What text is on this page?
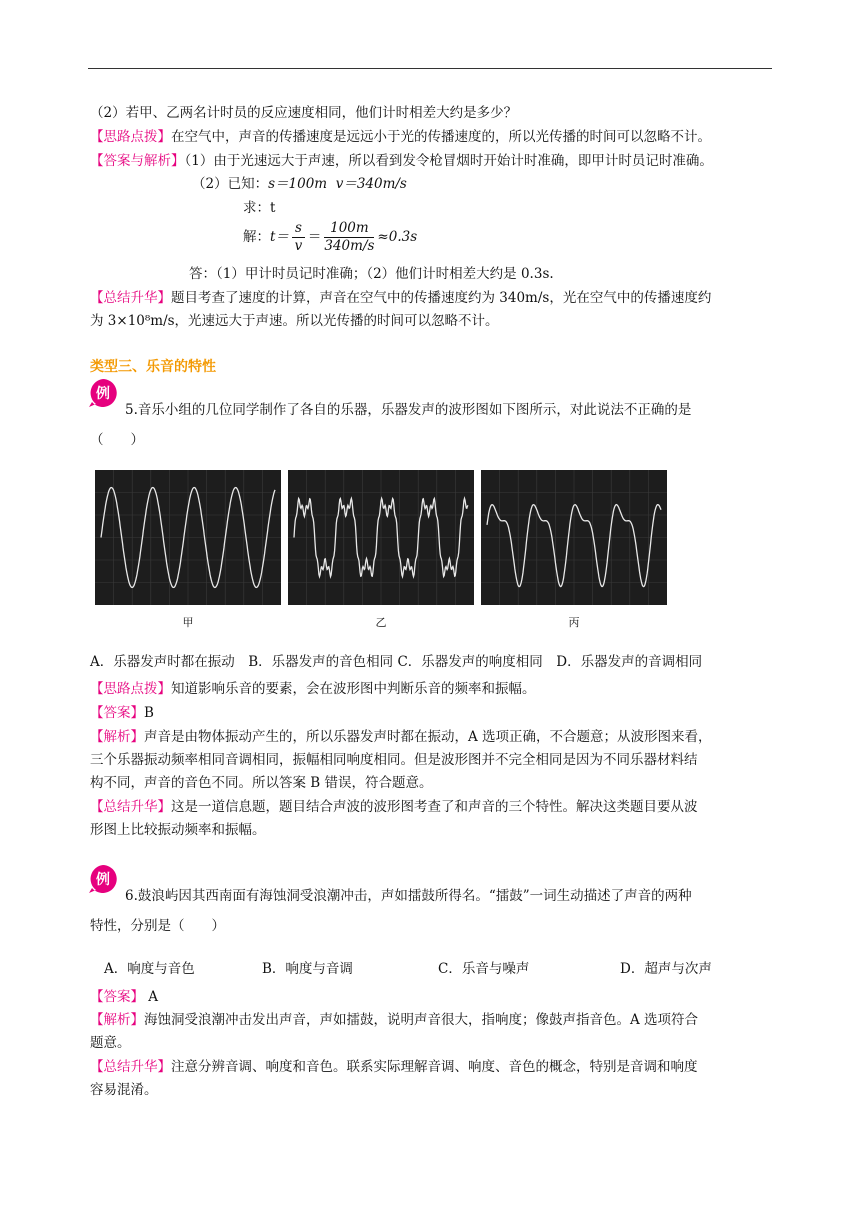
（2）若甲、乙两名计时员的反应速度相同，他们计时相差大约是多少？
【思路点拨】在空气中，声音的传播速度是远远小于光的传播速度的，所以光传播的时间可以忽略不计。
【答案与解析】（1）由于光速远大于声速，所以看到发令枪冒烟时开始计时准确，即甲计时员记时准确。
（2）已知：s＝100m v＝340m/s
求：t
解：$t= \frac{s}{v} = \frac{100m}{340m/s} \approx 0.3s$
答：（1）甲计时员记时准确；（2）他们计时相差大约是 0.3s.
【总结升华】题目考查了速度的计算，声音在空气中的传播速度约为 340m/s，光在空气中的传播速度约
为 3×10⁸m/s，光速远大于声速。所以光传播的时间可以忽略不计。
类型三、乐音的特性
例
5.音乐小组的几位同学制作了各自的乐器，乐器发声的波形图如下图所示，对此说法不正确的是
（　　）
甲	乙	丙
A．乐器发声时都在振动　B．乐器发声的音色相同 C．乐器发声的响度相同　D．乐器发声的音调相同
【思路点拨】知道影响乐音的要素，会在波形图中判断乐音的频率和振幅。
【答案】B
【解析】声音是由物体振动产生的，所以乐器发声时都在振动，A 选项正确，不合题意；从波形图来看，
三个乐器振动频率相同音调相同，振幅相同响度相同。但是波形图并不完全相同是因为不同乐器材料结
构不同，声音的音色不同。所以答案 B 错误，符合题意。
【总结升华】这是一道信息题，题目结合声波的波形图考查了和声音的三个特性。解决这类题目要从波
形图上比较振动频率和振幅。
例
6.鼓浪屿因其西南面有海蚀洞受浪潮冲击，声如擂鼓所得名。“擂鼓”一词生动描述了声音的两种
特性，分别是（　　）
A．响度与音色	B．响度与音调	C．乐音与噪声	D．超声与次声
【答案】 A
【解析】海蚀洞受浪潮冲击发出声音，声如擂鼓，说明声音很大，指响度；像鼓声指音色。A 选项符合
题意。
【总结升华】注意分辨音调、响度和音色。联系实际理解音调、响度、音色的概念，特别是音调和响度
容易混淆。
